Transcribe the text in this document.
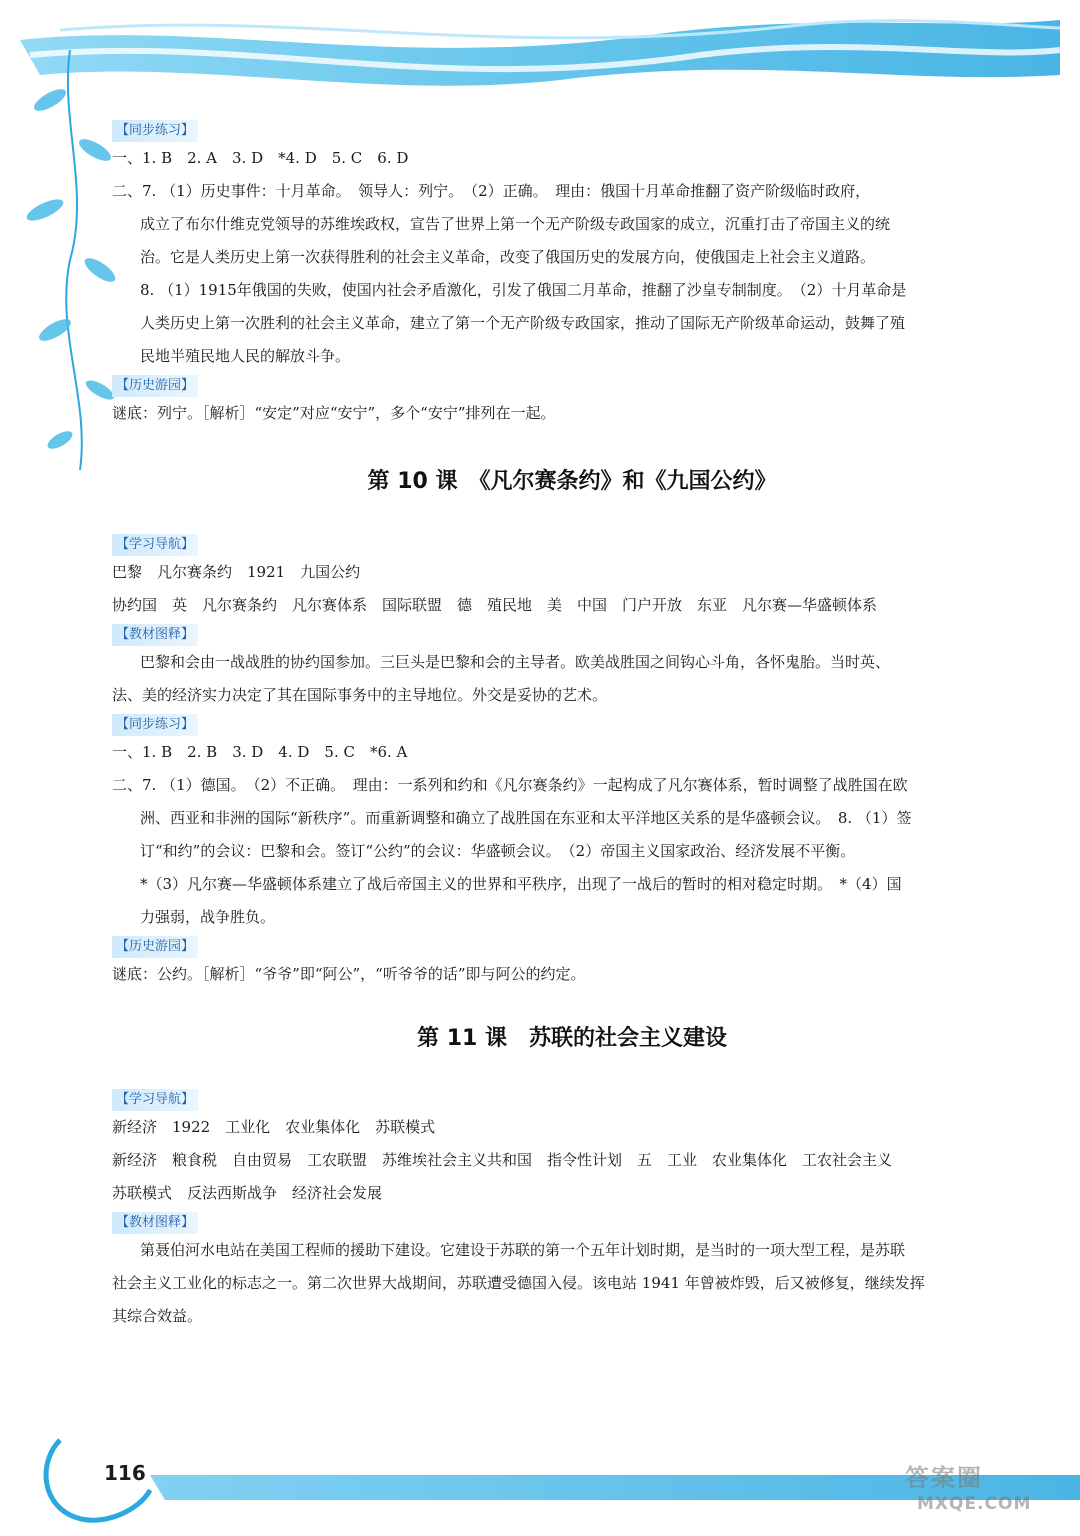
【同步练习】
一、1. B　2. A　3. D　*4. D　5. C　6. D
二、7. （1）历史事件：十月革命。　领导人：列宁。　（2）正确。　理由：俄国十月革命推翻了资产阶级临时政府，
成立了布尔什维克党领导的苏维埃政权，宣告了世界上第一个无产阶级专政国家的成立，沉重打击了帝国主义的统
治。它是人类历史上第一次获得胜利的社会主义革命，改变了俄国历史的发展方向，使俄国走上社会主义道路。
8. （1）1915年俄国的失败，使国内社会矛盾激化，引发了俄国二月革命，推翻了沙皇专制制度。　（2）十月革命是
人类历史上第一次胜利的社会主义革命，建立了第一个无产阶级专政国家，推动了国际无产阶级革命运动，鼓舞了殖
民地半殖民地人民的解放斗争。
【历史游园】
谜底：列宁。［解析］“安定”对应“安宁”，多个“安宁”排列在一起。
第 10 课　《凡尔赛条约》和《九国公约》
【学习导航】
巴黎　凡尔赛条约　1921　九国公约
协约国　英　凡尔赛条约　凡尔赛体系　国际联盟　德　殖民地　美　中国　门户开放　东亚　凡尔赛—华盛顿体系
【教材图释】
巴黎和会由一战战胜的协约国参加。三巨头是巴黎和会的主导者。欧美战胜国之间钩心斗角，各怀鬼胎。当时英、
法、美的经济实力决定了其在国际事务中的主导地位。外交是妥协的艺术。
【同步练习】
一、1. B　2. B　3. D　4. D　5. C　*6. A
二、7. （1）德国。　（2）不正确。　理由：一系列和约和《凡尔赛条约》一起构成了凡尔赛体系，暂时调整了战胜国在欧
洲、西亚和非洲的国际“新秩序”。而重新调整和确立了战胜国在东亚和太平洋地区关系的是华盛顿会议。　8. （1）签
订“和约”的会议：巴黎和会。签订“公约”的会议：华盛顿会议。　（2）帝国主义国家政治、经济发展不平衡。
*（3）凡尔赛—华盛顿体系建立了战后帝国主义的世界和平秩序，出现了一战后的暂时的相对稳定时期。　*（4）国
力强弱，战争胜负。
【历史游园】
谜底：公约。［解析］“爷爷”即“阿公”，“听爷爷的话”即与阿公的约定。
第 11 课　苏联的社会主义建设
【学习导航】
新经济　1922　工业化　农业集体化　苏联模式
新经济　粮食税　自由贸易　工农联盟　苏维埃社会主义共和国　指令性计划　五　工业　农业集体化　工农社会主义
苏联模式　反法西斯战争　经济社会发展
【教材图释】
第聂伯河水电站在美国工程师的援助下建设。它建设于苏联的第一个五年计划时期，是当时的一项大型工程，是苏联
社会主义工业化的标志之一。第二次世界大战期间，苏联遭受德国入侵。该电站 1941 年曾被炸毁，后又被修复，继续发挥
其综合效益。
116	答案圈
MXQE.COM
